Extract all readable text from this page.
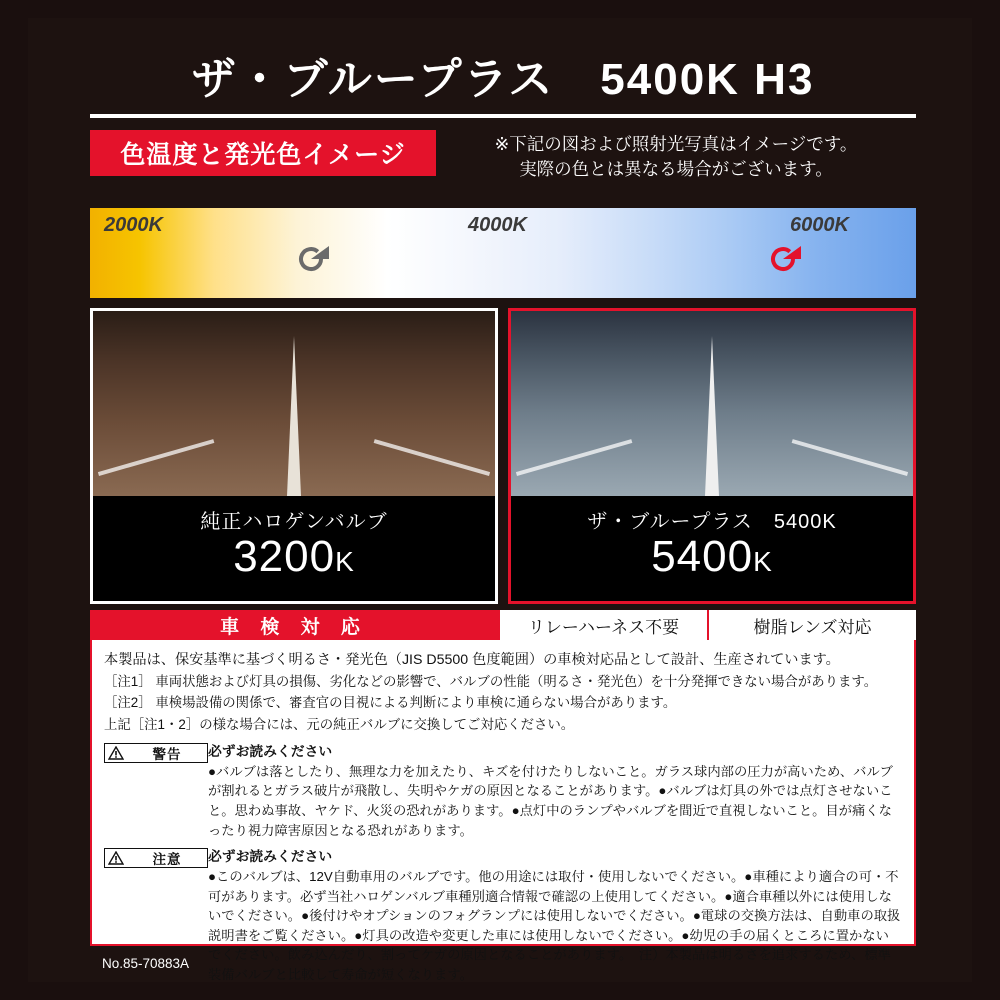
ザ・ブループラス　5400K H3
色温度と発光色イメージ	※下記の図および照射光写真はイメージです。
実際の色とは異なる場合がございます。
2000K	4000K	6000K
純正ハロゲンバルブ
3200K
ザ・ブループラス　5400K
5400K
本製品は、保安基準に基づく明るさ・発光色（JIS D5500 色度範囲）の車検対応品として設計、生産されています。
［注1］ 車両状態および灯具の損傷、劣化などの影響で、バルブの性能（明るさ・発光色）を十分発揮できない場合があります。
［注2］ 車検場設備の関係で、審査官の目視による判断により車検に通らない場合があります。
上記［注1・2］の様な場合には、元の純正バルブに交換してご対応ください。
警告	必ずお読みください
●バルブは落としたり、無理な力を加えたり、キズを付けたりしないこと。ガラス球内部の圧力が高いため、バルブが割れるとガラス破片が飛散し、失明やケガの原因となることがあります。●バルブは灯具の外では点灯させないこと。思わぬ事故、ヤケド、火災の恐れがあります。●点灯中のランプやバルブを間近で直視しないこと。目が痛くなったり視力障害原因となる恐れがあります。
注意	必ずお読みください
●このバルブは、12V自動車用のバルブです。他の用途には取付・使用しないでください。●車種により適合の可・不可があります。必ず当社ハロゲンバルブ車種別適合情報で確認の上使用してください。●適合車種以外には使用しないでください。●後付けやオプションのフォグランプには使用しないでください。●電球の交換方法は、自動車の取扱説明書をご覧ください。●灯具の改造や変更した車には使用しないでください。●幼児の手の届くところに置かないでください。飲み込んだり、割ってケガの原因となることがあります。　注）本製品は明るさを追求するため、標準装備バルブと比較して寿命が短くなります。
車 検 対 応	リレーハーネス不要	樹脂レンズ対応
No.85-70883A
